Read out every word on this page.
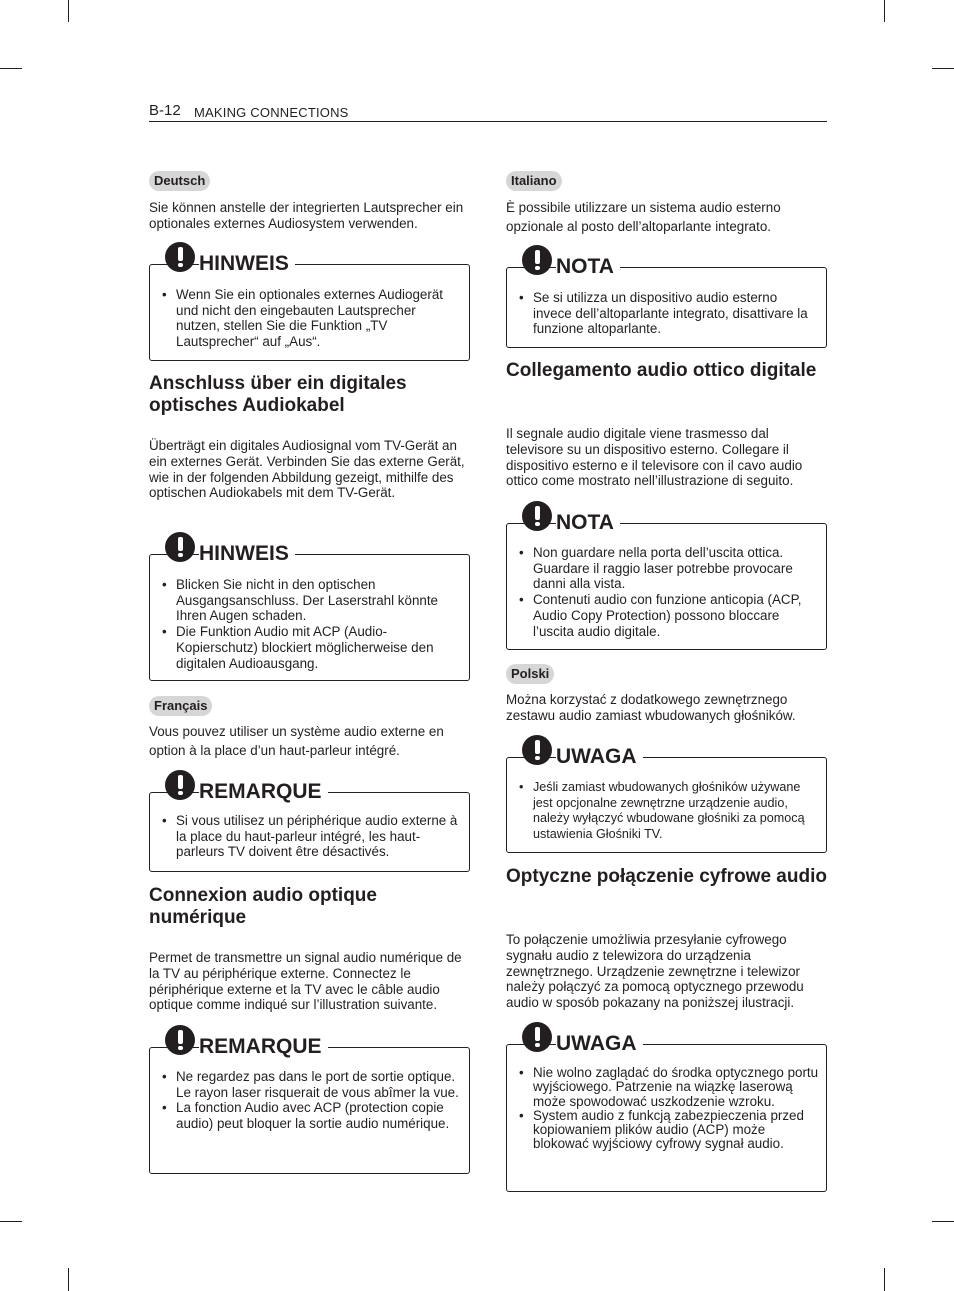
B-12 MAKING CONNECTIONS
Deutsch
Sie können anstelle der integrierten Lautsprecher ein optionales externes Audiosystem verwenden.
HINWEIS
• Wenn Sie ein optionales externes Audiogerät und nicht den eingebauten Lautsprecher nutzen, stellen Sie die Funktion „TV Lautsprecher“ auf „Aus“.
Anschluss über ein digitales optisches Audiokabel
Überträgt ein digitales Audiosignal vom TV-Gerät an ein externes Gerät. Verbinden Sie das externe Gerät, wie in der folgenden Abbildung gezeigt, mithilfe des optischen Audiokabels mit dem TV-Gerät.
HINWEIS
• Blicken Sie nicht in den optischen Ausgangsanschluss. Der Laserstrahl könnte Ihren Augen schaden.
• Die Funktion Audio mit ACP (Audio-Kopierschutz) blockiert möglicherweise den digitalen Audioausgang.
Français
Vous pouvez utiliser un système audio externe en option à la place d’un haut-parleur intégré.
REMARQUE
• Si vous utilisez un périphérique audio externe à la place du haut-parleur intégré, les haut-parleurs TV doivent être désactivés.
Connexion audio optique numérique
Permet de transmettre un signal audio numérique de la TV au périphérique externe. Connectez le périphérique externe et la TV avec le câble audio optique comme indiqué sur l’illustration suivante.
REMARQUE
• Ne regardez pas dans le port de sortie optique. Le rayon laser risquerait de vous abîmer la vue.
• La fonction Audio avec ACP (protection copie audio) peut bloquer la sortie audio numérique.
Italiano
È possibile utilizzare un sistema audio esterno opzionale al posto dell’altoparlante integrato.
NOTA
• Se si utilizza un dispositivo audio esterno invece dell’altoparlante integrato, disattivare la funzione altoparlante.
Collegamento audio ottico digitale
Il segnale audio digitale viene trasmesso dal televisore su un dispositivo esterno. Collegare il dispositivo esterno e il televisore con il cavo audio ottico come mostrato nell’illustrazione di seguito.
NOTA
• Non guardare nella porta dell’uscita ottica. Guardare il raggio laser potrebbe provocare danni alla vista.
• Contenuti audio con funzione anticopia (ACP, Audio Copy Protection) possono bloccare l’uscita audio digitale.
Polski
Można korzystać z dodatkowego zewnętrznego zestawu audio zamiast wbudowanych głośników.
UWAGA
• Jeśli zamiast wbudowanych głośników używane jest opcjonalne zewnętrzne urządzenie audio, należy wyłączyć wbudowane głośniki za pomocą ustawienia Głośniki TV.
Optyczne połączenie cyfrowe audio
To połączenie umożliwia przesyłanie cyfrowego sygnału audio z telewizora do urządzenia zewnętrznego. Urządzenie zewnętrzne i telewizor należy połączyć za pomocą optycznego przewodu audio w sposób pokazany na poniższej ilustracji.
UWAGA
• Nie wolno zaglądać do środka optycznego portu wyjściowego. Patrzenie na wiązkę laserową może spowodować uszkodzenie wzroku.
• System audio z funkcją zabezpieczenia przed kopiowaniem plików audio (ACP) może blokować wyjściowy cyfrowy sygnał audio.
